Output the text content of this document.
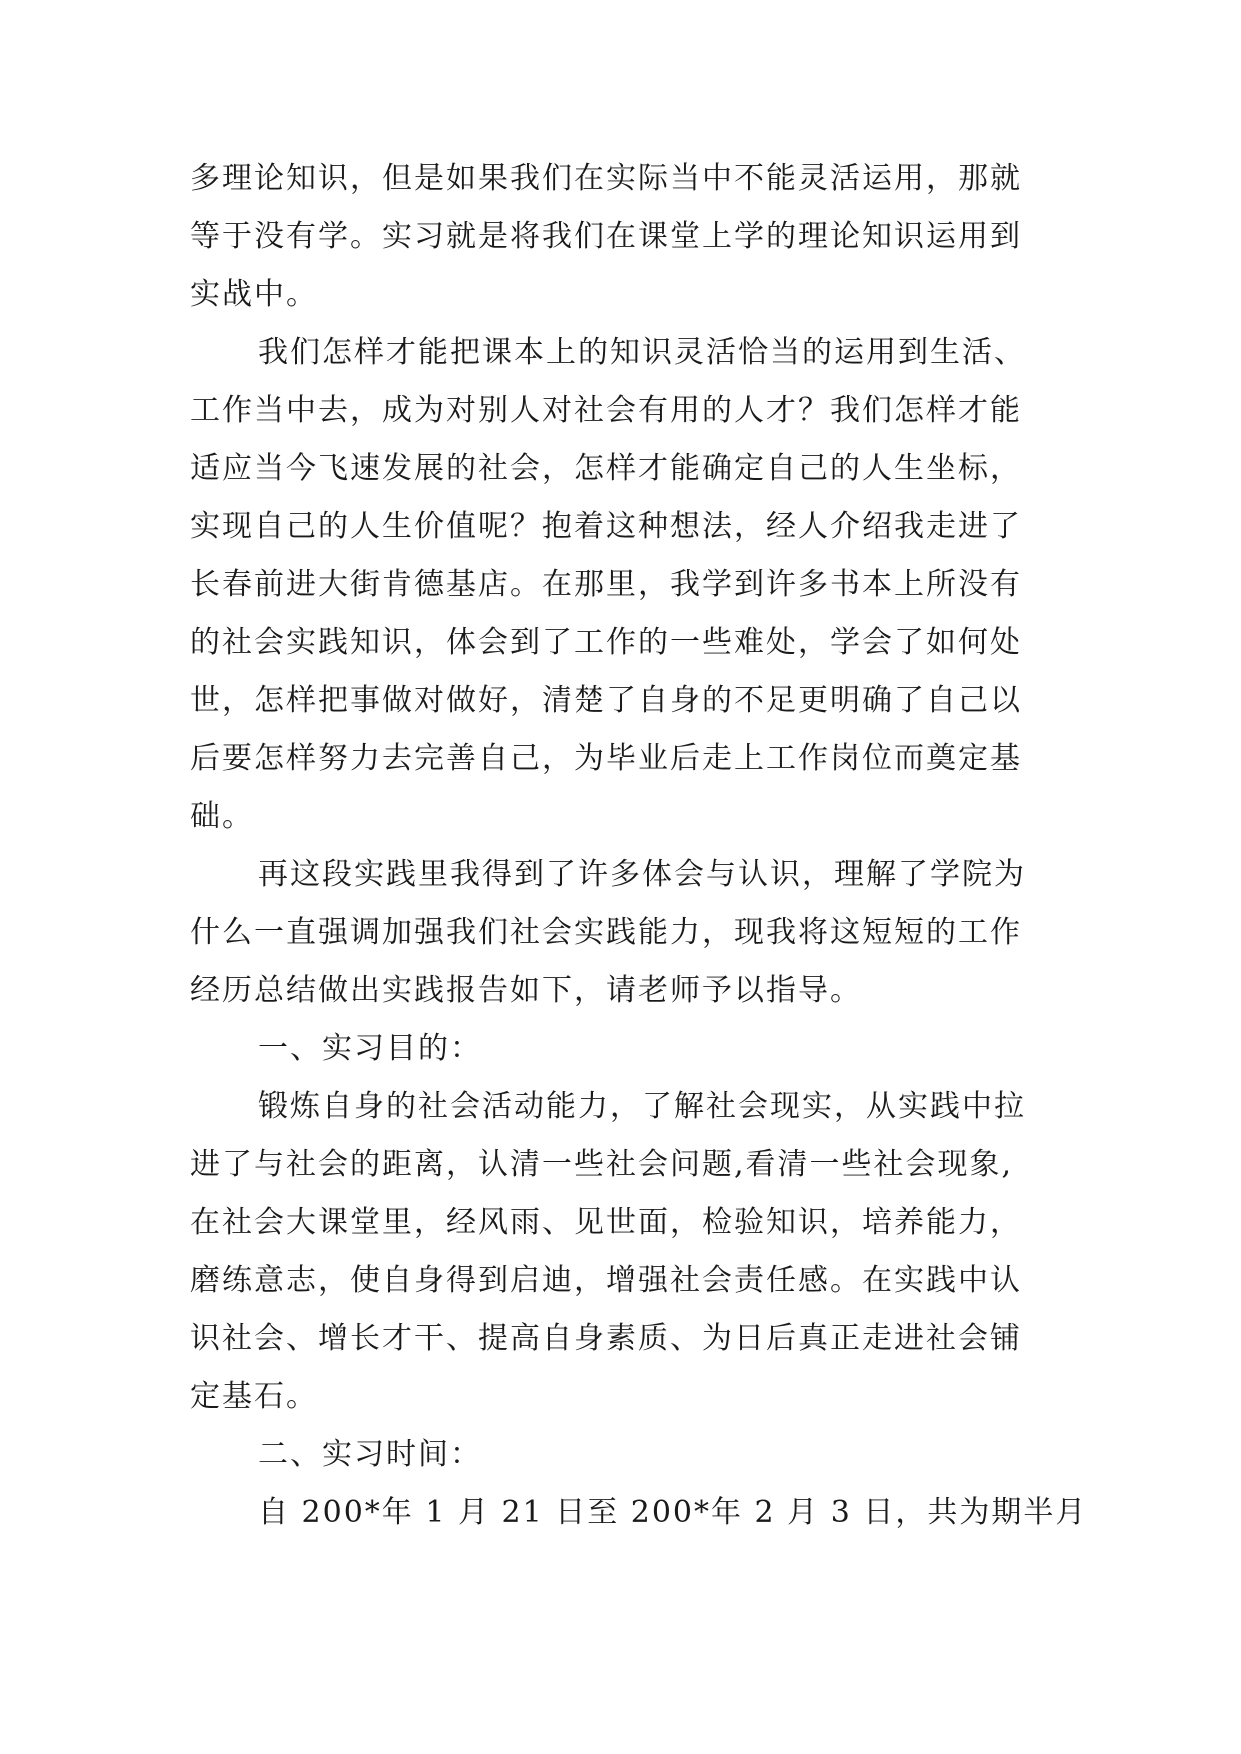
多理论知识，但是如果我们在实际当中不能灵活运用，那就
等于没有学。实习就是将我们在课堂上学的理论知识运用到
实战中。
我们怎样才能把课本上的知识灵活恰当的运用到生活、
工作当中去，成为对别人对社会有用的人才？我们怎样才能
适应当今飞速发展的社会，怎样才能确定自己的人生坐标，
实现自己的人生价值呢？抱着这种想法，经人介绍我走进了
长春前进大街肯德基店。在那里，我学到许多书本上所没有
的社会实践知识，体会到了工作的一些难处，学会了如何处
世，怎样把事做对做好，清楚了自身的不足更明确了自己以
后要怎样努力去完善自己，为毕业后走上工作岗位而奠定基
础。
再这段实践里我得到了许多体会与认识，理解了学院为
什么一直强调加强我们社会实践能力，现我将这短短的工作
经历总结做出实践报告如下，请老师予以指导。
一、实习目的：
锻炼自身的社会活动能力，了解社会现实，从实践中拉
进了与社会的距离，认清一些社会问题,看清一些社会现象,
在社会大课堂里，经风雨、见世面，检验知识，培养能力，
磨练意志，使自身得到启迪，增强社会责任感。在实践中认
识社会、增长才干、提高自身素质、为日后真正走进社会铺
定基石。
二、实习时间：
自 200*年 1 月 21 日至 200*年 2 月 3 日，共为期半月
